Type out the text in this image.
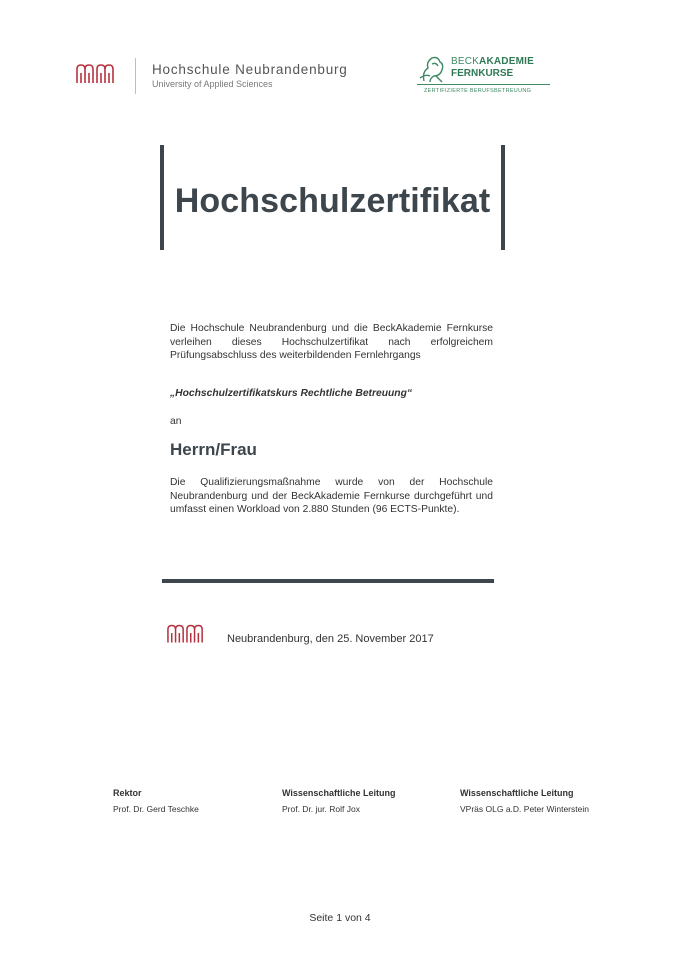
Hochschule Neubrandenburg
University of Applied Sciences
BECKAKADEMIE
FERNKURSE
ZERTIFIZIERTE BERUFSBETREUUNG
Hochschulzertifikat
Die Hochschule Neubrandenburg und die BeckAkademie Fernkurse verleihen dieses Hochschulzertifikat nach erfolgreichem Prüfungsabschluss des weiterbildenden Fernlehrgangs
„Hochschulzertifikatskurs Rechtliche Betreuung“
an
Herrn/Frau
Die Qualifizierungsmaßnahme wurde von der Hochschule Neubrandenburg und der BeckAkademie Fernkurse durchgeführt und umfasst einen Workload von 2.880 Stunden (96 ECTS-Punkte).
Neubrandenburg, den 25. November 2017
Rektor
Prof. Dr. Gerd Teschke
Wissenschaftliche Leitung
Prof. Dr. jur. Rolf Jox
Wissenschaftliche Leitung
VPräs OLG a.D. Peter Winterstein
Seite 1 von 4
